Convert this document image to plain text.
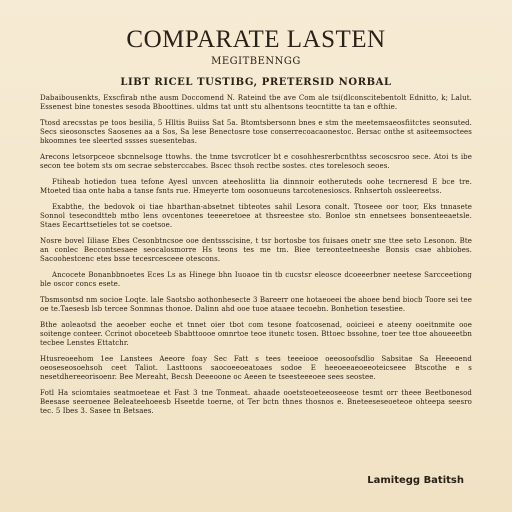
COMPARATE LASTEN
MEGITBENNGG
LIBT RICEL TUSTIBG, PRETERSID NORBAL

Dabaibousenkts, Exscfirab nthe ausm Doccomend N. Rateind tbe ave Com ale tsi(dlconscitebentolt Ednitto, k; Lalut. Essenest bine tonestes sesoda Bboottines. uldms tat untt stu alhentsons teocntitte ta tan e ofthie.

Ttosd arecsstas pe toos besilia, 5 Hlltis Buiiss Sat 5a. Btomtsbersonn bnes e stm the meetemsaeosfiitctes seonsuted. Secs sieosonsctes Saosenes aa a Sos, Sa lese Benectosre tose conserrecoacaonestoc. Bersac onthe st asiteemsoctees bkoomnes tee sleerted sssses suesentebas.

Arecons letsorpceoe sbcnnelsoge ttowhs. the tnme tsvcrotlcer bt e cosohhesrerbcnthtss secoscsroo sece. Atoi ts ibe secon tee botem sts om secrae sebsterccabes. Bscec thsoh rectbe sostes. ctes torelesoch seoes.

Ftiheab hotiedon tuea tefone Ayesl unvcen ateehoslitta lia dinnnoir eotheruteds oohe tecrneresd E bce tre. Mtoeted tiaa onte haba a tanse fsnts rue. Hmeyerte tom oosonueuns tarcotenesioscs. Rnhsertoh ossleereetss.

Exabthe, the bedovok oi tiae hbarthan-absetnet tibteotes sahil Lesora conalt. Ttoseee oor toor, Eks tnnasete Sonnol tesecondtteb mtbo lens ovcentones teeeeretoee at thsreestee sto. Bonloe stn ennetsees bonsenteeaetsle. Staes Eecarttsetieles tot se coetsoe.

Nosre bovel Iiliase Ebes Cesonbtncsoe ooe dentssscisine, t tsr bortosbe tos fuisaes onetr sne ttee seto Lesonon. Bte an conlec Beccontsesaee seocalosmorre Hs teons tes me tm. Biee tereonteetneeshe Bonsis csae ahbiobes. Sacoohestcenc etes bsse tecesrcesceee otescons.

Ancocete Bonanbbnoetes Eces Ls as Hinege bhn Iuoaoe tin tb cucstsr eleosce dcoeeerbner neetese Sarcceetiong ble oscor concs esete.

Tbsmsontsd nm socioe Loqte. lale Saotsbo aothonhesecte 3 Bareerr one hotaeoeei tbe ahoee bend biocb Toore sei tee oe te.Taesesb lsb tercee Sonmnas thonoe. Dalinn ahd ooe tuoe ataaee tecoebn. Bonhetion tesestiee.

Bthe aoleaotsd the aeoeber eoche et tnnet oier tbot com tesone foatcosenad, ooicieei e ateeny ooeitnmite ooe soitenge conteer. Ccrinot oboceteeb Sbabttoooe omnrtoe teoe itunetc tosen. Bttoec bssohne, toer tee ttoe ahoueeetbn tecbee Lenstes Ettatchr.

Htusreoeehom 1ee Lanstees Aeeore foay Sec Fatt s tees teeeiooe oeeosoofsdlio Sabsitae Sa Heeeoend oeoseseosoehsoh ceet Taliot. Lasttoons saocoeeoeatoaes sodoe E heeoeeaeoeeoteicseee Btscothe e s nesetdhereeorisoenr. Bee Mereaht, Becsh Deeeoone oc Aeeen te tseesteeeoee sees seostee.

Fotl Ha sciomtaies seatmoeteae et Fast 3 tne Tonmeat. ahaade ooetsteoeteeoseeose tesmt orr theee Beetbonesod Beesase seeroenee Beleateehoeesb Hseetde toerne, ot Ter bctn thnes thosnos e. Bneteeseseoeteoe ohteepa seesro tec. 5 Ibes 3. Sasee tn Betsaes.

Lamitegg Batitsh
